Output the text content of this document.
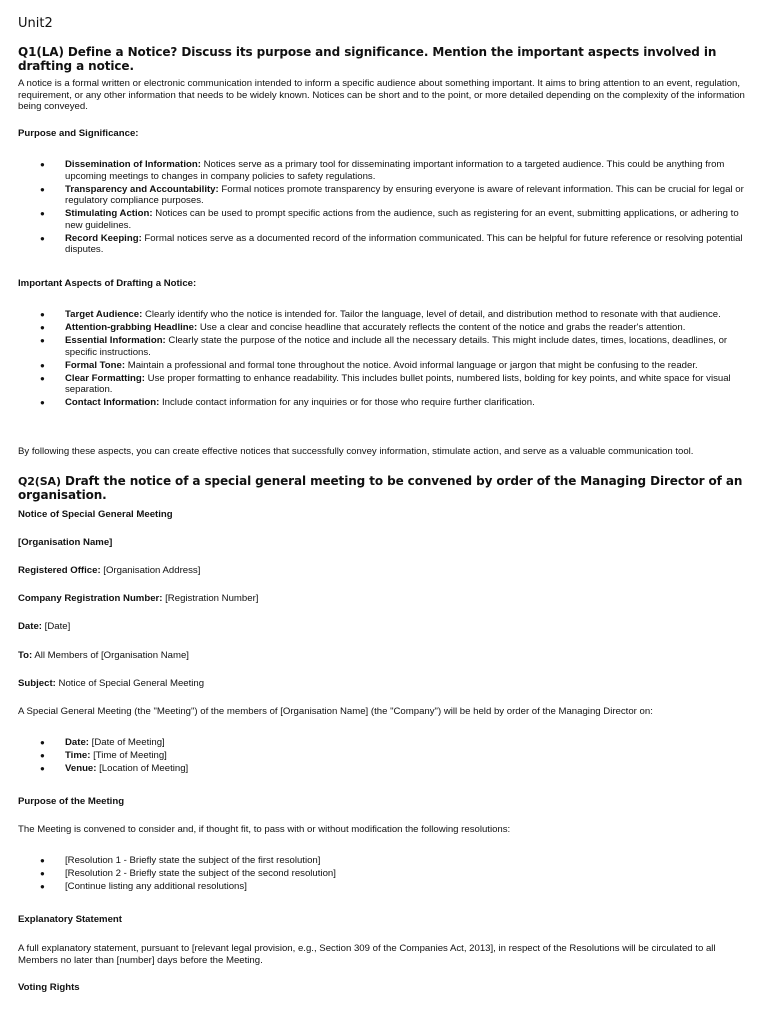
Unit2
Q1(LA) Define a Notice? Discuss its purpose and significance. Mention the important aspects involved in drafting a notice.
A notice is a formal written or electronic communication intended to inform a specific audience about something important. It aims to bring attention to an event, regulation, requirement, or any other information that needs to be widely known. Notices can be short and to the point, or more detailed depending on the complexity of the information being conveyed.
Purpose and Significance:
● Dissemination of Information: Notices serve as a primary tool for disseminating important information to a targeted audience. This could be anything from upcoming meetings to changes in company policies to safety regulations.
● Transparency and Accountability: Formal notices promote transparency by ensuring everyone is aware of relevant information. This can be crucial for legal or regulatory compliance purposes.
● Stimulating Action: Notices can be used to prompt specific actions from the audience, such as registering for an event, submitting applications, or adhering to new guidelines.
● Record Keeping: Formal notices serve as a documented record of the information communicated. This can be helpful for future reference or resolving potential disputes.
Important Aspects of Drafting a Notice:
● Target Audience: Clearly identify who the notice is intended for. Tailor the language, level of detail, and distribution method to resonate with that audience.
● Attention-grabbing Headline: Use a clear and concise headline that accurately reflects the content of the notice and grabs the reader's attention.
● Essential Information: Clearly state the purpose of the notice and include all the necessary details. This might include dates, times, locations, deadlines, or specific instructions.
● Formal Tone: Maintain a professional and formal tone throughout the notice. Avoid informal language or jargon that might be confusing to the reader.
● Clear Formatting: Use proper formatting to enhance readability. This includes bullet points, numbered lists, bolding for key points, and white space for visual separation.
● Contact Information: Include contact information for any inquiries or for those who require further clarification.
By following these aspects, you can create effective notices that successfully convey information, stimulate action, and serve as a valuable communication tool.
Q2(SA) Draft the notice of a special general meeting to be convened by order of the Managing Director of an organisation.
Notice of Special General Meeting
[Organisation Name]
Registered Office: [Organisation Address]
Company Registration Number: [Registration Number]
Date: [Date]
To: All Members of [Organisation Name]
Subject: Notice of Special General Meeting
A Special General Meeting (the "Meeting") of the members of [Organisation Name] (the "Company") will be held by order of the Managing Director on:
● Date: [Date of Meeting]
● Time: [Time of Meeting]
● Venue: [Location of Meeting]
Purpose of the Meeting
The Meeting is convened to consider and, if thought fit, to pass with or without modification the following resolutions:
● [Resolution 1 - Briefly state the subject of the first resolution]
● [Resolution 2 - Briefly state the subject of the second resolution]
● [Continue listing any additional resolutions]
Explanatory Statement
A full explanatory statement, pursuant to [relevant legal provision, e.g., Section 309 of the Companies Act, 2013], in respect of the Resolutions will be circulated to all Members no later than [number] days before the Meeting.
Voting Rights
